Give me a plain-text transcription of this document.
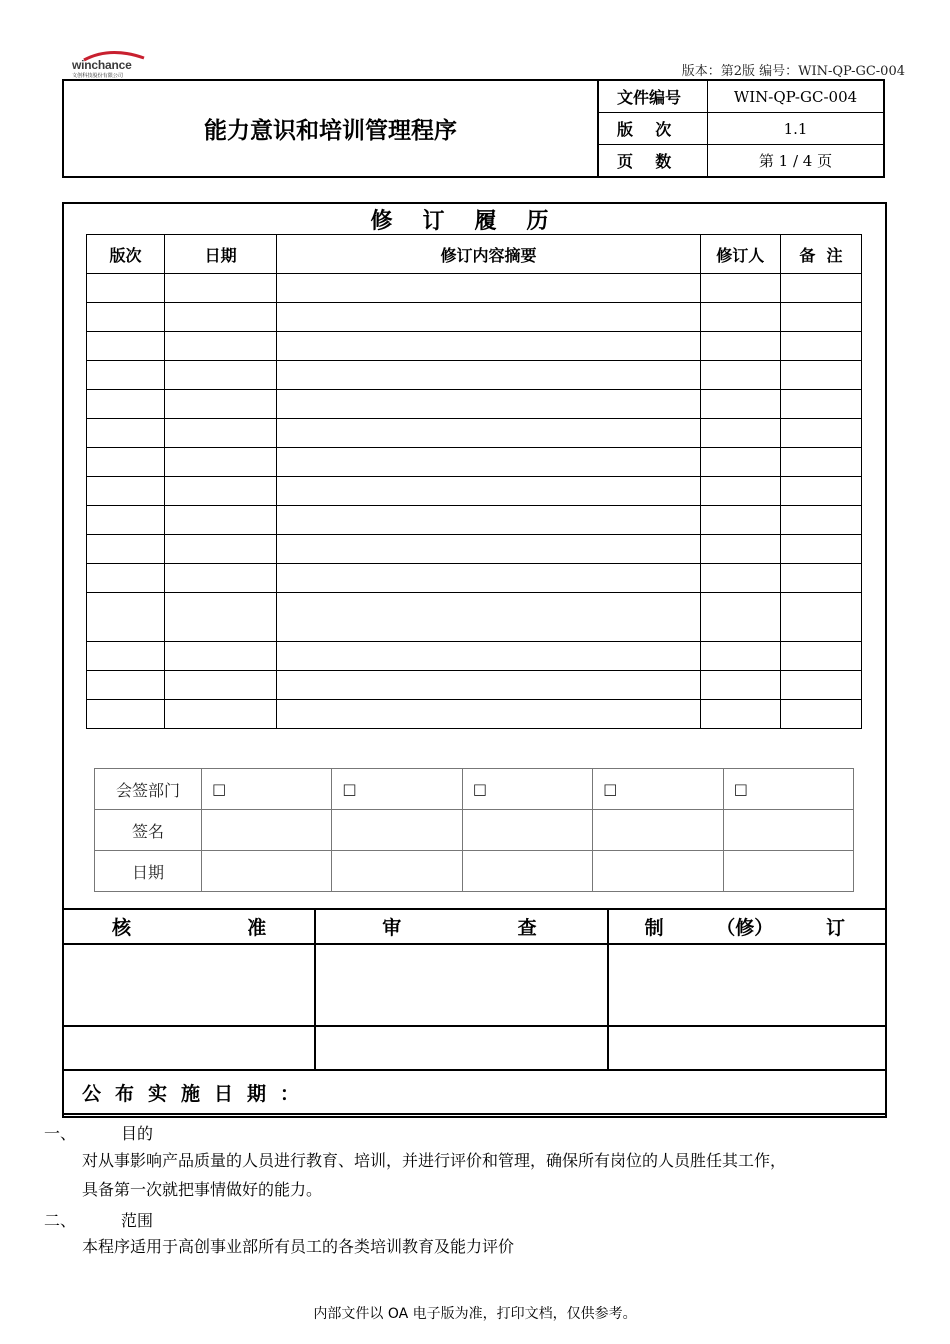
winchance
文创科技股份有限公司	版本：第2版 编号：WIN-QP-GC-004
能力意识和培训管理程序	文件编号	WIN-QP-GC-004
	版    次	1.1
	页    数	第 1 / 4 页
修订履历
版次	日期	修订内容摘要	修订人	备  注

会签部门	□	□	□	□	□
签名					
日期					
核 准	审 查	制 （修） 订

公布实施日期：		
一、	目的
对从事影响产品质量的人员进行教育、培训，并进行评价和管理，确保所有岗位的人员胜任其工作，
具备第一次就把事情做好的能力。
二、	范围
本程序适用于高创事业部所有员工的各类培训教育及能力评价
内部文件以 OA 电子版为准，打印文档，仅供参考。
